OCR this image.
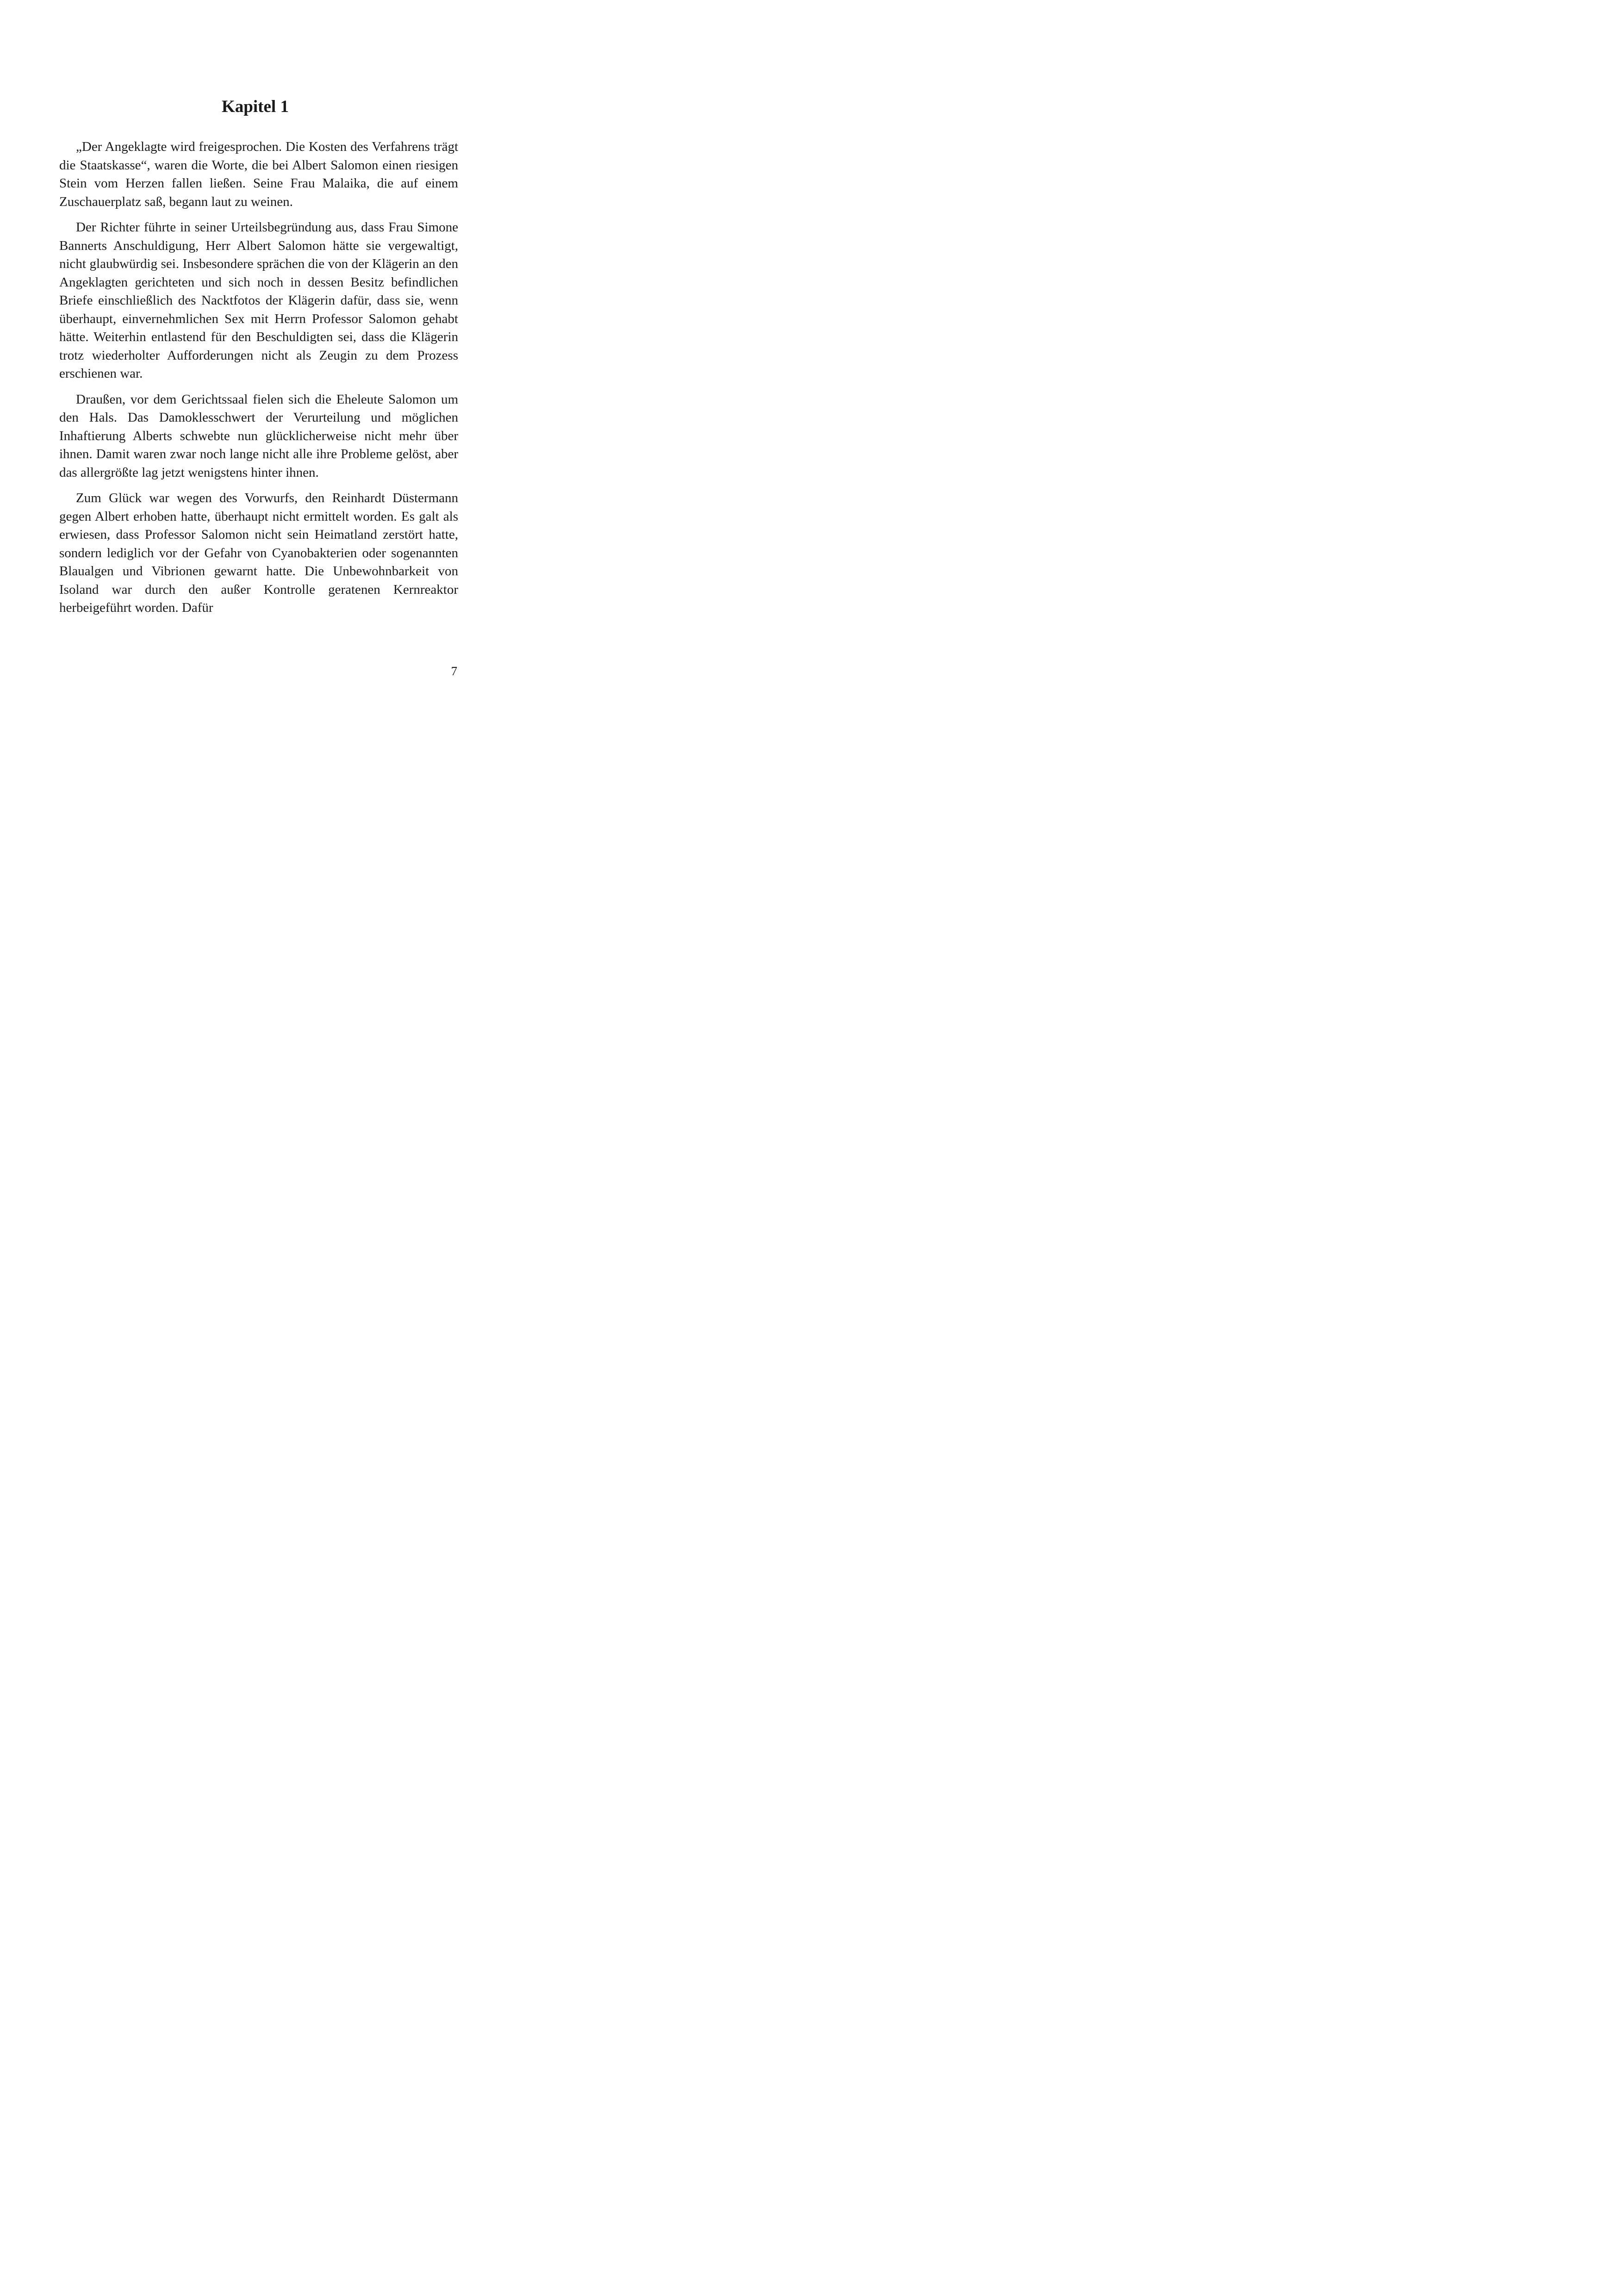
Kapitel 1

„Der Angeklagte wird freigesprochen. Die Kosten des Verfahrens trägt die Staatskasse“, waren die Worte, die bei Albert Salomon einen riesigen Stein vom Herzen fallen ließen. Seine Frau Malaika, die auf einem Zuschauerplatz saß, begann laut zu weinen.

Der Richter führte in seiner Urteilsbegründung aus, dass Frau Simone Bannerts Anschuldigung, Herr Albert Salomon hätte sie vergewaltigt, nicht glaubwürdig sei. Insbesondere sprächen die von der Klägerin an den Angeklagten gerichteten und sich noch in dessen Besitz befindlichen Briefe einschließlich des Nacktfotos der Klägerin dafür, dass sie, wenn überhaupt, einvernehmlichen Sex mit Herrn Professor Salomon gehabt hätte. Weiterhin entlastend für den Beschuldigten sei, dass die Klägerin trotz wiederholter Aufforderungen nicht als Zeugin zu dem Prozess erschienen war.

Draußen, vor dem Gerichtssaal fielen sich die Eheleute Salomon um den Hals. Das Damoklesschwert der Verurteilung und möglichen Inhaftierung Alberts schwebte nun glücklicherweise nicht mehr über ihnen. Damit waren zwar noch lange nicht alle ihre Probleme gelöst, aber das allergrößte lag jetzt wenigstens hinter ihnen.

Zum Glück war wegen des Vorwurfs, den Reinhardt Düstermann gegen Albert erhoben hatte, überhaupt nicht ermittelt worden. Es galt als erwiesen, dass Professor Salomon nicht sein Heimatland zerstört hatte, sondern lediglich vor der Gefahr von Cyanobakterien oder sogenannten Blaualgen und Vibrionen gewarnt hatte. Die Unbewohnbarkeit von Isoland war durch den außer Kontrolle geratenen Kernreaktor herbeigeführt worden. Dafür

7
